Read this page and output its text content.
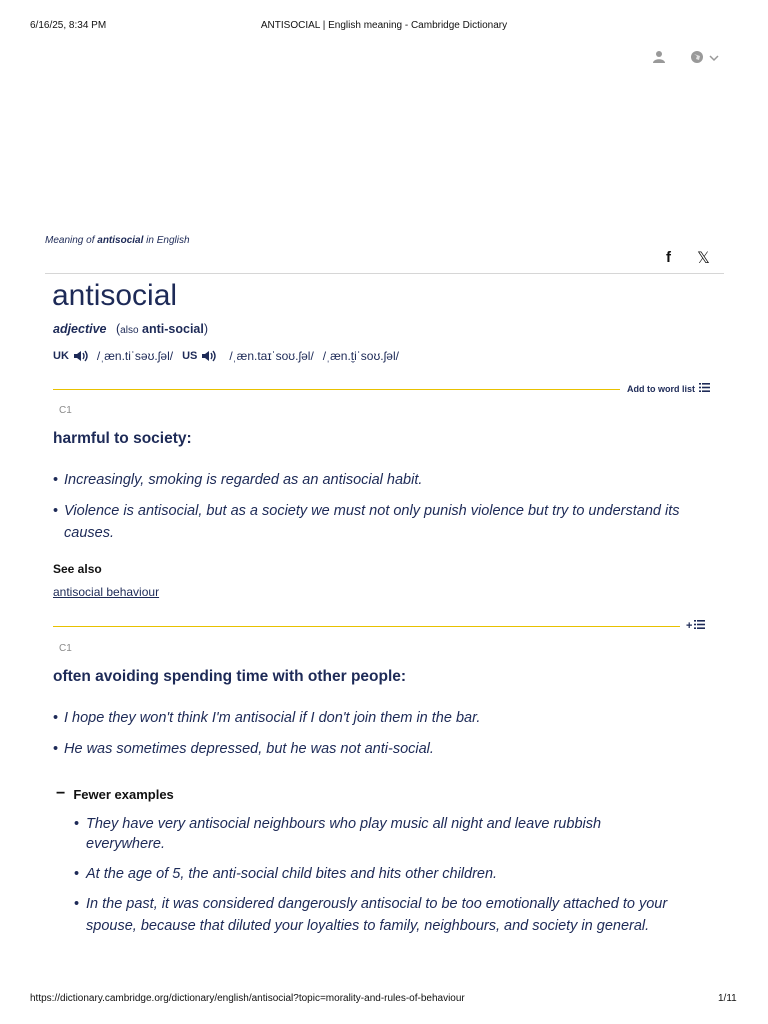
6/16/25, 8:34 PM	ANTISOCIAL | English meaning - Cambridge Dictionary
Meaning of antisocial in English
f 𝕏
antisocial
adjective (also anti-social)
UK /ˌæn.tiˈsəʊ.ʃəl/ US	/ˌæn.taɪˈsoʊ.ʃəl/ /ˌæn.t̬iˈsoʊ.ʃəl/
Add to word list
C1
harmful to society:
• Increasingly, smoking is regarded as an antisocial habit.
• Violence is antisocial, but as a society we must not only punish violence but try to understand its
causes.
See also
antisocial behaviour
+
C1
often avoiding spending time with other people:
• I hope they won't think I'm antisocial if I don't join them in the bar.
• He was sometimes depressed, but he was not anti-social.
− Fewer examples
• They have very antisocial neighbours who play music all night and leave rubbish
everywhere.
• At the age of 5, the anti-social child bites and hits other children.
• In the past, it was considered dangerously antisocial to be too emotionally attached to your
spouse, because that diluted your loyalties to family, neighbours, and society in general.
https://dictionary.cambridge.org/dictionary/english/antisocial?topic=morality-and-rules-of-behaviour	1/11
